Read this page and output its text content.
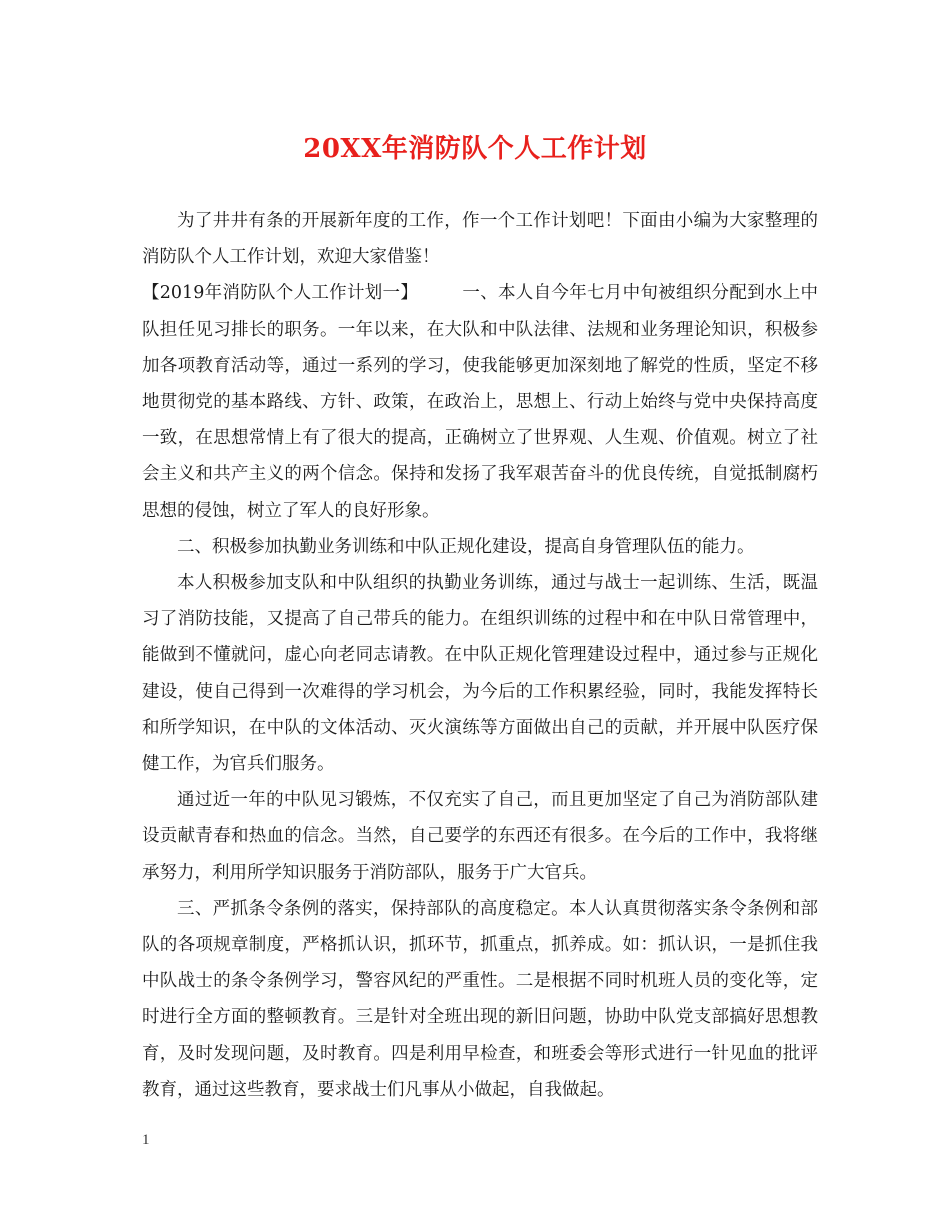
20XX年消防队个人工作计划

为了井井有条的开展新年度的工作，作一个工作计划吧！下面由小编为大家整理的消防队个人工作计划，欢迎大家借鉴！

【2019年消防队个人工作计划一】	一、本人自今年七月中旬被组织分配到水上中队担任见习排长的职务。一年以来，在大队和中队法律、法规和业务理论知识，积极参加各项教育活动等，通过一系列的学习，使我能够更加深刻地了解党的性质，坚定不移地贯彻党的基本路线、方针、政策，在政治上，思想上、行动上始终与党中央保持高度一致，在思想常情上有了很大的提高，正确树立了世界观、人生观、价值观。树立了社会主义和共产主义的两个信念。保持和发扬了我军艰苦奋斗的优良传统，自觉抵制腐朽思想的侵蚀，树立了军人的良好形象。

二、积极参加执勤业务训练和中队正规化建设，提高自身管理队伍的能力。

本人积极参加支队和中队组织的执勤业务训练，通过与战士一起训练、生活，既温习了消防技能，又提高了自己带兵的能力。在组织训练的过程中和在中队日常管理中，能做到不懂就问，虚心向老同志请教。在中队正规化管理建设过程中，通过参与正规化建设，使自己得到一次难得的学习机会，为今后的工作积累经验，同时，我能发挥特长和所学知识，在中队的文体活动、灭火演练等方面做出自己的贡献，并开展中队医疗保健工作，为官兵们服务。

通过近一年的中队见习锻炼，不仅充实了自己，而且更加坚定了自己为消防部队建设贡献青春和热血的信念。当然，自己要学的东西还有很多。在今后的工作中，我将继承努力，利用所学知识服务于消防部队，服务于广大官兵。

三、严抓条令条例的落实，保持部队的高度稳定。本人认真贯彻落实条令条例和部队的各项规章制度，严格抓认识，抓环节，抓重点，抓养成。如：抓认识，一是抓住我中队战士的条令条例学习，警容风纪的严重性。二是根据不同时机班人员的变化等，定时进行全方面的整顿教育。三是针对全班出现的新旧问题，协助中队党支部搞好思想教育，及时发现问题，及时教育。四是利用早检查，和班委会等形式进行一针见血的批评教育，通过这些教育，要求战士们凡事从小做起，自我做起。

1
